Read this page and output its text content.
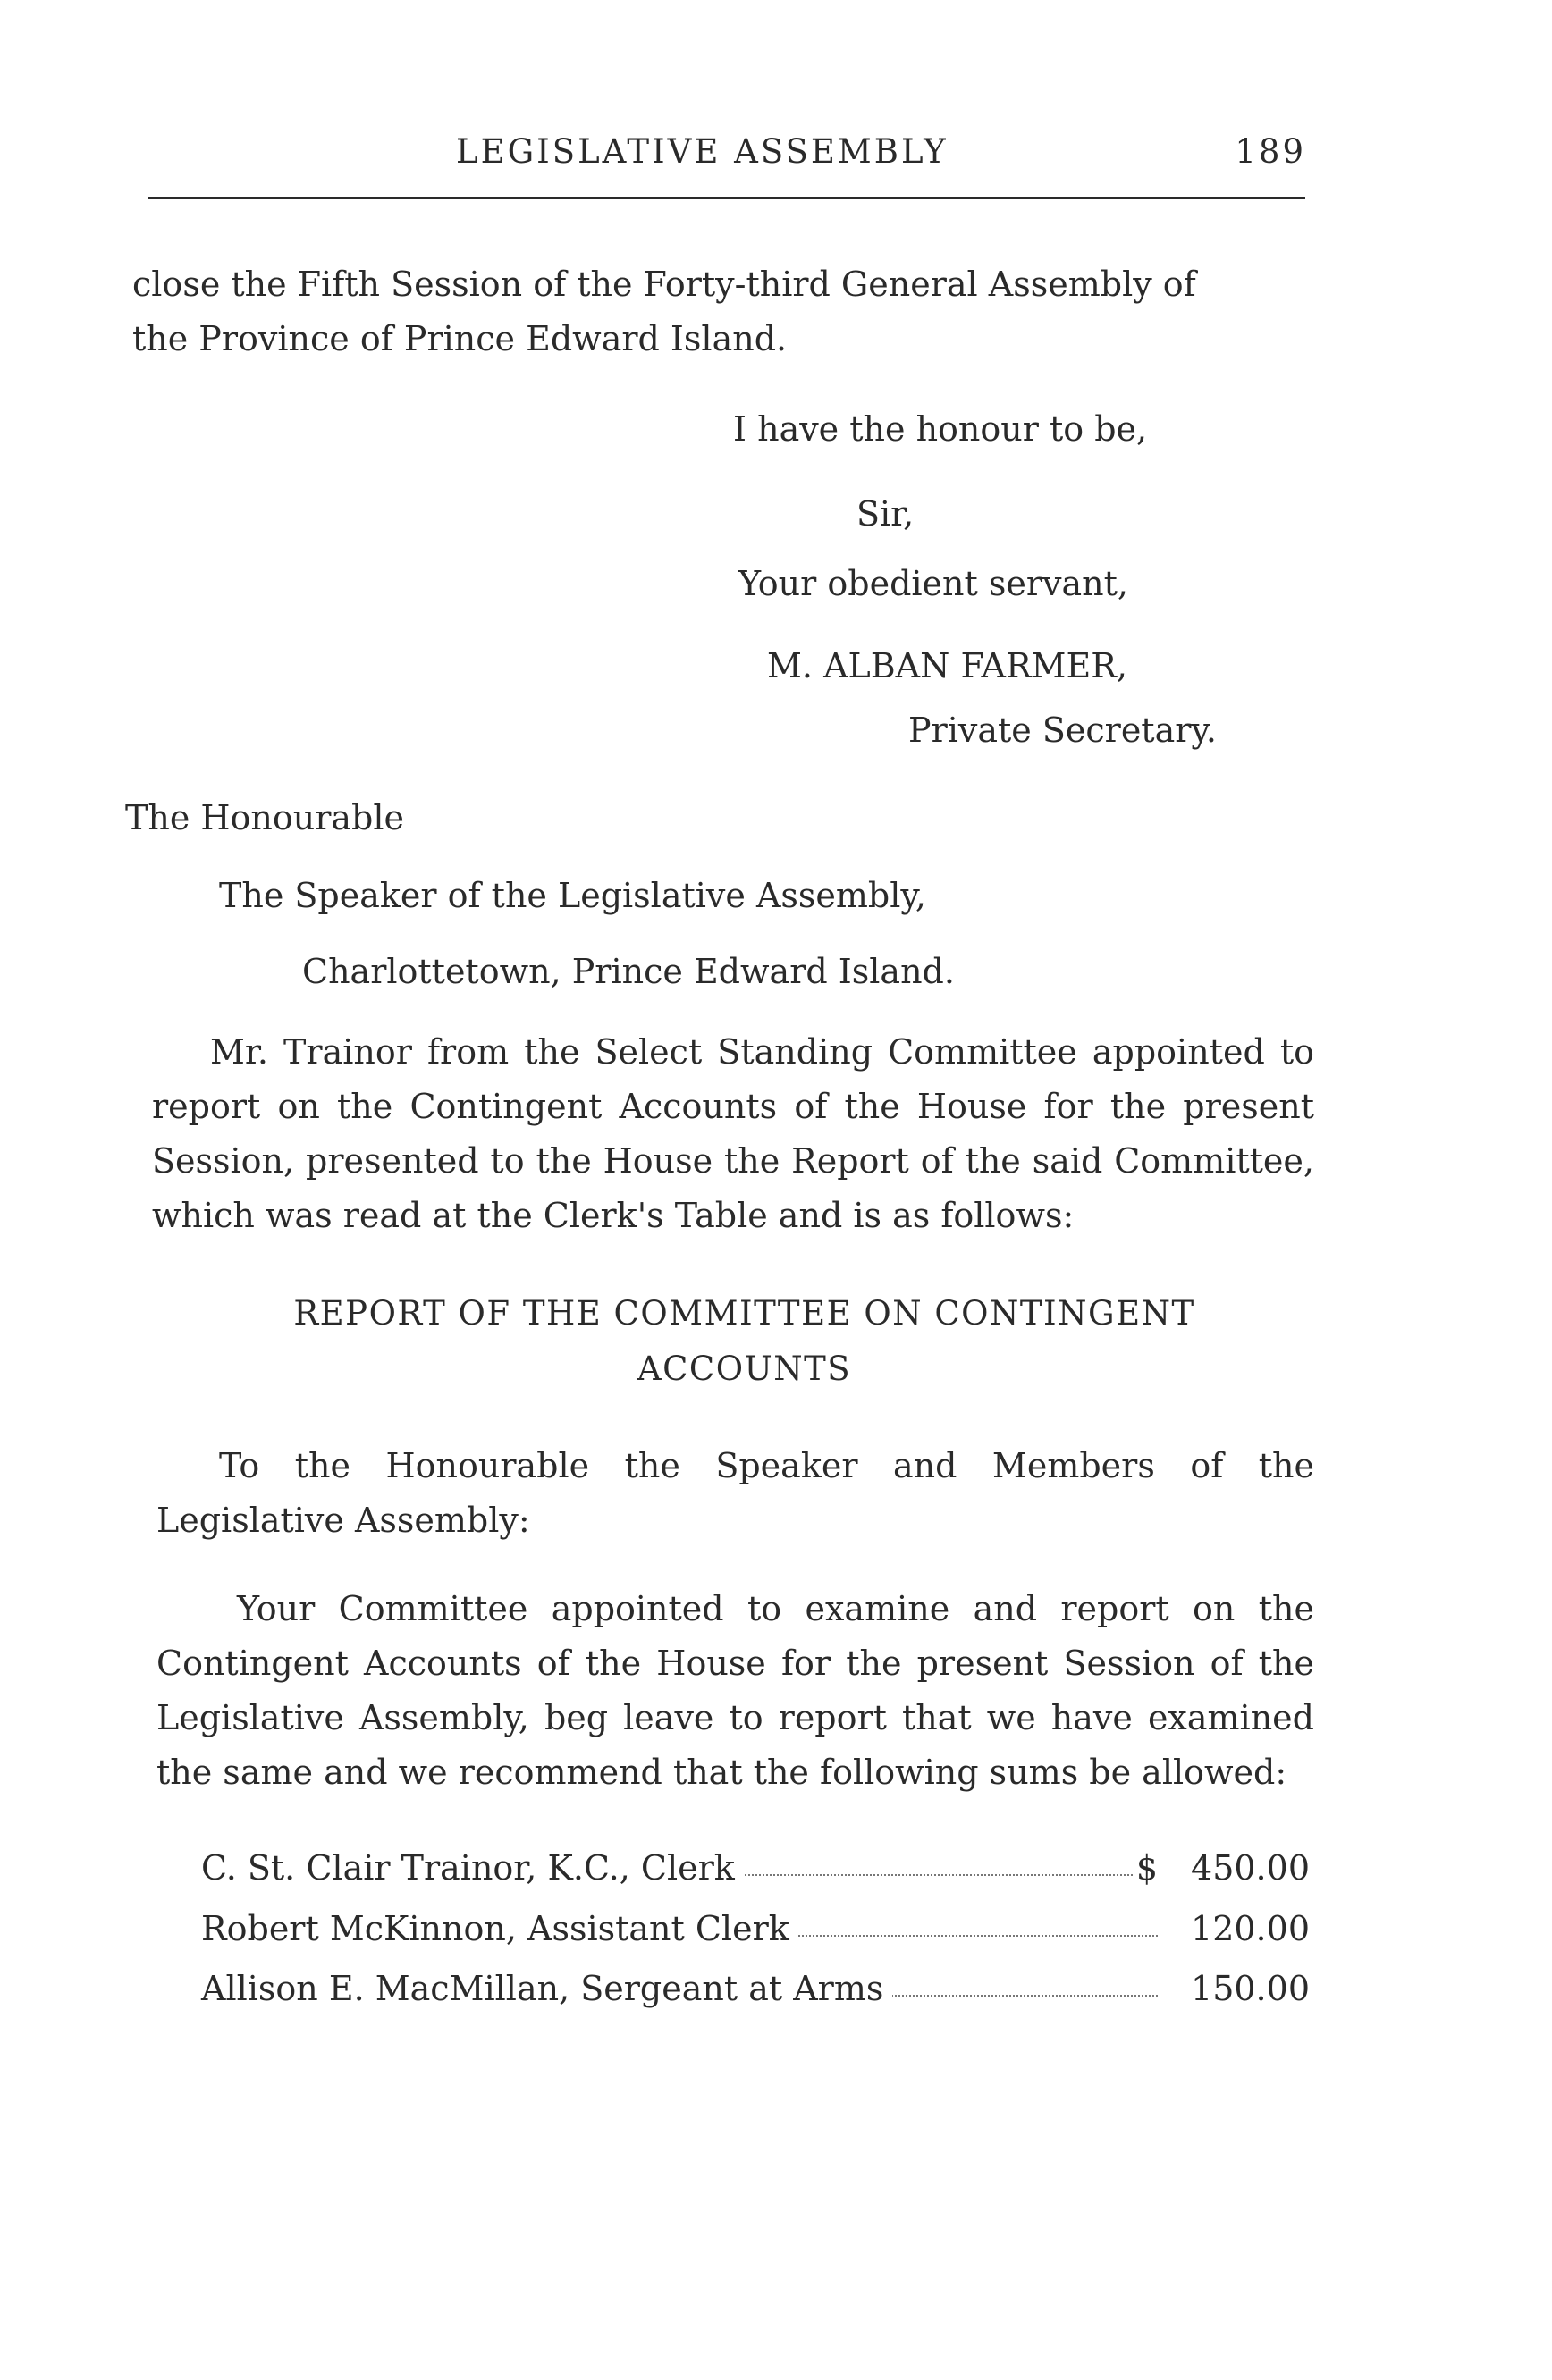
LEGISLATIVE ASSEMBLY	189
close the Fifth Session of the Forty-third General Assembly of
the Province of Prince Edward Island.
I have the honour to be,
Sir,
Your obedient servant,
M. ALBAN FARMER,
Private Secretary.
The Honourable
The Speaker of the Legislative Assembly,
Charlottetown, Prince Edward Island.
Mr. Trainor from the Select Standing Committee appointed to report on the Contingent Accounts of the House for the present Session, presented to the House the Report of the said Committee, which was read at the Clerk's Table and is as follows:
REPORT OF THE COMMITTEE ON CONTINGENT
ACCOUNTS
To the Honourable the Speaker and Members of the Legislative Assembly:
Your Committee appointed to examine and report on the Contingent Accounts of the House for the present Session of the Legislative Assembly, beg leave to report that we have examined the same and we recommend that the following sums be allowed:
C. St. Clair Trainor, K.C., Clerk	$ 450.00
Robert McKinnon, Assistant Clerk	120.00
Allison E. MacMillan, Sergeant at Arms	150.00
